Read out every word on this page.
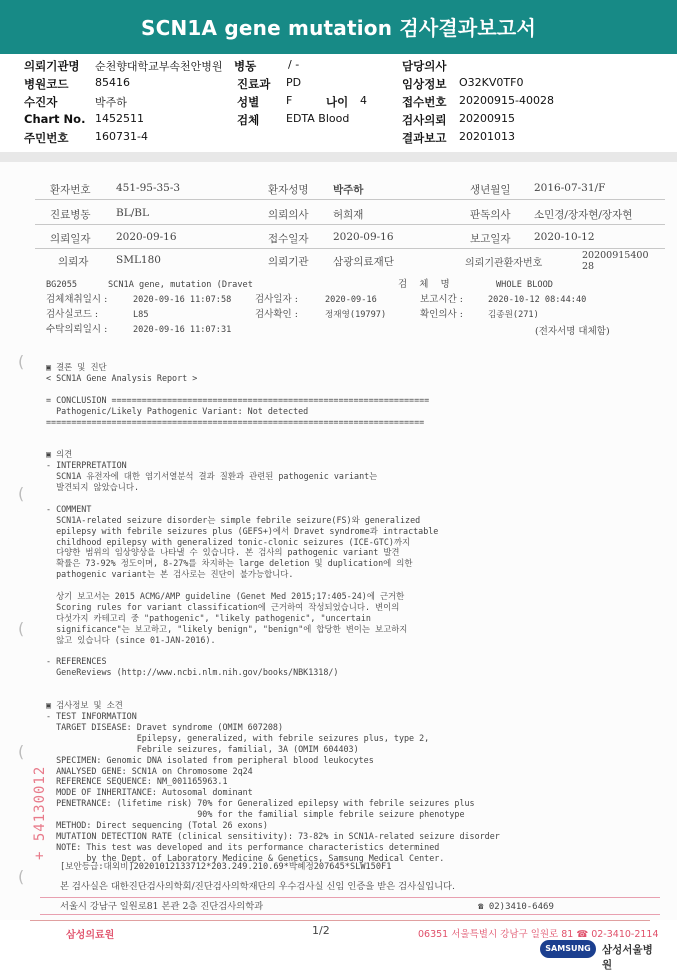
SCN1A gene mutation 검사결과보고서
의뢰기관명 순천향대학교부속천안병원 병동	/ -	담당의사
병원코드 85416	진료과 PD	임상정보 O32KV0TF0
수진자	박주하	성별 F	나이 4	접수번호 20200915-40028
Chart No. 1452511	검체 EDTA Blood	검사의뢰 20200915
주민번호 160731-4	결과보고 20201013
환자번호 451-95-35-3	환자성명 박주하	생년월일 2016-07-31/F
진료병동 BL/BL	의뢰의사 허희재	판독의사 소민경/장자현/장자현
의뢰일자 2020-09-16	접수일자 2020-09-16	보고일자 2020-10-12
의뢰자	SML180	의뢰기관 삼광의료재단	의뢰기관환자번호
2020091540028
BG2055	SCN1A gene, mutation (Dravet	검    체    명	WHOLE BLOOD
검체채취일시 :	2020-09-16 11:07:58 검사일자 :	2020-09-16	보고시간 :	2020-10-12 08:44:40
검사실코드 :	L85	검사확인 :	정재영(19797)	확인의사 :	김종원(271)
수탁의뢰일시 :	2020-09-16 11:07:31	(전자서명 대체함)
▣ 결론 및 진단
< SCN1A Gene Analysis Report >

= CONCLUSION ===============================================================
Pathogenic/Likely Pathogenic Variant: Not detected
===========================================================================

▣ 의견
- INTERPRETATION
SCN1A 유전자에 대한 염기서열분석 결과 질환과 관련된 pathogenic variant는
발견되지 않았습니다.

- COMMENT
SCN1A-related seizure disorder는 simple febrile seizure(FS)와 generalized
epilepsy with febrile seizures plus (GEFS+)에서 Dravet syndrome과 intractable
childhood epilepsy with generalized tonic-clonic seizures (ICE-GTC)까지
다양한 범위의 임상양상을 나타낼 수 있습니다. 본 검사의 pathogenic variant 발견
확률은 73-92% 정도이며, 8-27%를 차지하는 large deletion 및 duplication에 의한
pathogenic variant는 본 검사로는 진단이 불가능합니다.

상기 보고서는 2015 ACMG/AMP guideline (Genet Med 2015;17:405-24)에 근거한
Scoring rules for variant classification에 근거하여 작성되었습니다. 변이의
다섯가지 카테고리 중 "pathogenic", "likely pathogenic", "uncertain
significance"는 보고하고, "likely benign", "benign"에 합당한 변이는 보고하지
않고 있습니다 (since 01-JAN-2016).

- REFERENCES
GeneReviews (http://www.ncbi.nlm.nih.gov/books/NBK1318/)

▣ 검사정보 및 소견
- TEST INFORMATION
TARGET DISEASE: Dravet syndrome (OMIM 607208)
Epilepsy, generalized, with febrile seizures plus, type 2,
Febrile seizures, familial, 3A (OMIM 604403)
SPECIMEN: Genomic DNA isolated from peripheral blood leukocytes
ANALYSED GENE: SCN1A on Chromosome 2q24
REFERENCE SEQUENCE: NM_001165963.1
MODE OF INHERITANCE: Autosomal dominant
PENETRANCE: (lifetime risk) 70% for Generalized epilepsy with febrile seizures plus
90% for the familial simple febrile seizure phenotype
METHOD: Direct sequencing (Total 26 exons)
MUTATION DETECTION RATE (clinical sensitivity): 73-82% in SCN1A-related seizure disorder
NOTE: This test was developed and its performance characteristics determined
by the Dept. of Laboratory Medicine & Genetics, Samsung Medical Center.
[보안등급:대외비]20201012133712*203.249.210.69*박혜정207645*SLW150F1
본 검사실은 대한진단검사의학회/진단검사의학재단의 우수검사실 신임 인증을 받은 검사실입니다.
서울시 강남구 일원로81 본관 2층 진단검사의학과	☎ 02)3410-6469
(
(
(
(
(
+ 54130012
삼성의료원	1/2	06351 서울특별시 강남구 일원로 81 ☎ 02-3410-2114
SAMSUNG	삼성서울병원
